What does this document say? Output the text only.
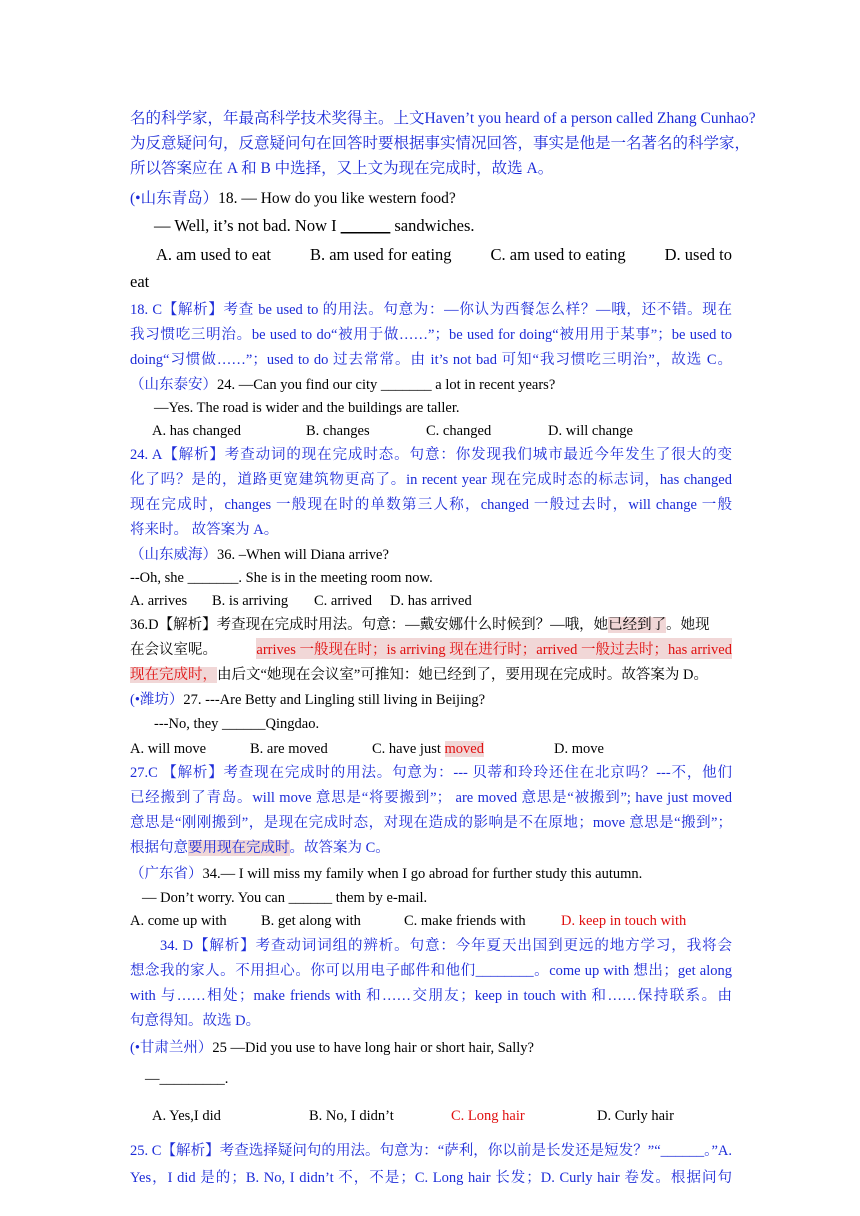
名的科学家，年最高科学技术奖得主。上文Haven’t you heard of a person called Zhang Cunhao?
为反意疑问句，反意疑问句在回答时要根据事实情况回答，事实是他是一名著名的科学家，
所以答案应在 A 和 B 中选择，又上文为现在完成时，故选 A。
(•山东青岛）18. — How do you like western food?
— Well, it’s not bad. Now I ______ sandwiches.
A. am used to eat B. am used for eating C. am used to eating D. used to
eat
18. C【解析】考查 be used to 的用法。句意为：—你认为西餐怎么样？—哦，还不错。现在
我习惯吃三明治。be used to do“被用于做……”；be used for doing“被用用于某事”；be used to
doing“习惯做……”；used to do 过去常常。由 it’s not bad 可知“我习惯吃三明治”，故选 C。
（山东泰安）24. —Can you find our city _______ a lot in recent years?
—Yes. The road is wider and the buildings are taller.
A. has changed	B. changes	C. changed	D. will change
24. A【解析】考查动词的现在完成时态。句意：你发现我们城市最近今年发生了很大的变
化了吗？是的，道路更宽建筑物更高了。in recent year 现在完成时态的标志词，has changed
现在完成时，changes 一般现在时的单数第三人称，changed 一般过去时，will change 一般
将来时。 故答案为 A。
（山东威海）36. –When will Diana arrive?
--Oh, she _______. She is in the meeting room now.
A. arrives B. is arriving C. arrived D. has arrived
36.D【解析】考查现在完成时用法。句意：—戴安娜什么时候到？—哦，她已经到了。她现
在会议室呢。	arrives 一般现在时；is arriving 现在进行时；arrived 一般过去时；has arrived
现在完成时，由后文“她现在会议室”可推知：她已经到了，要用现在完成时。故答案为 D。
(•潍坊）27. ---Are Betty and Lingling still living in Beijing?
---No, they ______Qingdao.
A. will move	B. are moved	C. have just moved	D. move
27.C 【解析】考查现在完成时的用法。句意为：--- 贝蒂和玲玲还住在北京吗？---不，他们
已经搬到了青岛。will move 意思是“将要搬到”； are moved 意思是“被搬到”; have just moved
意思是“刚刚搬到”，是现在完成时态，对现在造成的影响是不在原地；move 意思是“搬到”；
根据句意要用现在完成时。故答案为 C。
（广东省）34.— I will miss my family when I go abroad for further study this autumn.
— Don’t worry. You can ______ them by e-mail.
A. come up with B. get along with	C. make friends with D. keep in touch with
34. D【解析】考查动词词组的辨析。句意：今年夏天出国到更远的地方学习，我将会
想念我的家人。不用担心。你可以用电子邮件和他们________。come up with 想出；get along
with 与……相处；make friends with 和……交朋友；keep in touch with 和……保持联系。由
句意得知。故选 D。
(•甘肃兰州）25 —Did you use to have long hair or short hair, Sally?
—_________.
A. Yes,I did	B. No, I didn’t	C. Long hair	D. Curly hair
25. C【解析】考查选择疑问句的用法。句意为：“萨利，你以前是长发还是短发？”“______。”A.
Yes，I did 是的；B. No, I didn’t 不，不是；C. Long hair 长发；D. Curly hair 卷发。根据问句
